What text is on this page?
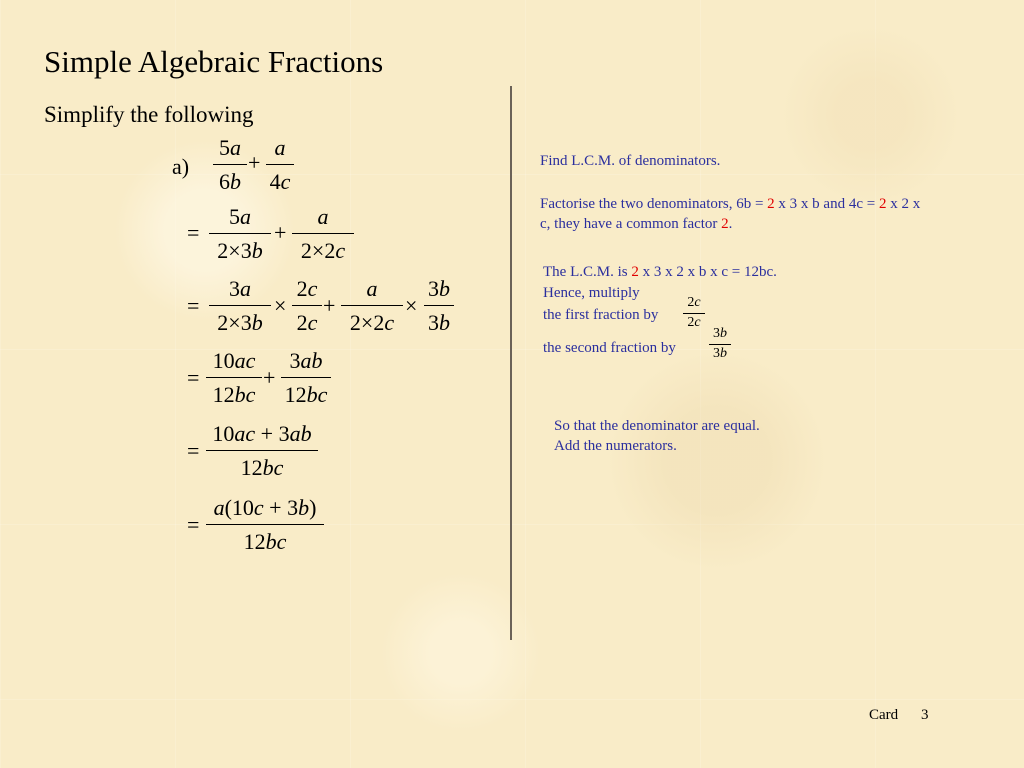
Simple Algebraic Fractions
Simplify the following
a)
5a
6b
+
a
4c
=
5a
2×3b
+
a
2×2c
=
3a
2×3b
×
2c
2c
+
a
2×2c
×
3b
3b
=
10ac
12bc
+
3ab
12bc
=
10ac + 3ab
12bc
=
a(10c + 3b)
12bc
Find L.C.M. of denominators.
Factorise the two denominators, 6b = 2 x 3 x b and 4c = 2 x 2 x
c, they have a common factor 2.
The L.C.M. is 2 x 3 x 2 x b x c = 12bc.
Hence, multiply
the first fraction by
2c
2c
the second fraction by
3b
3b
So that the denominator are equal.
Add the numerators.
Card 3
